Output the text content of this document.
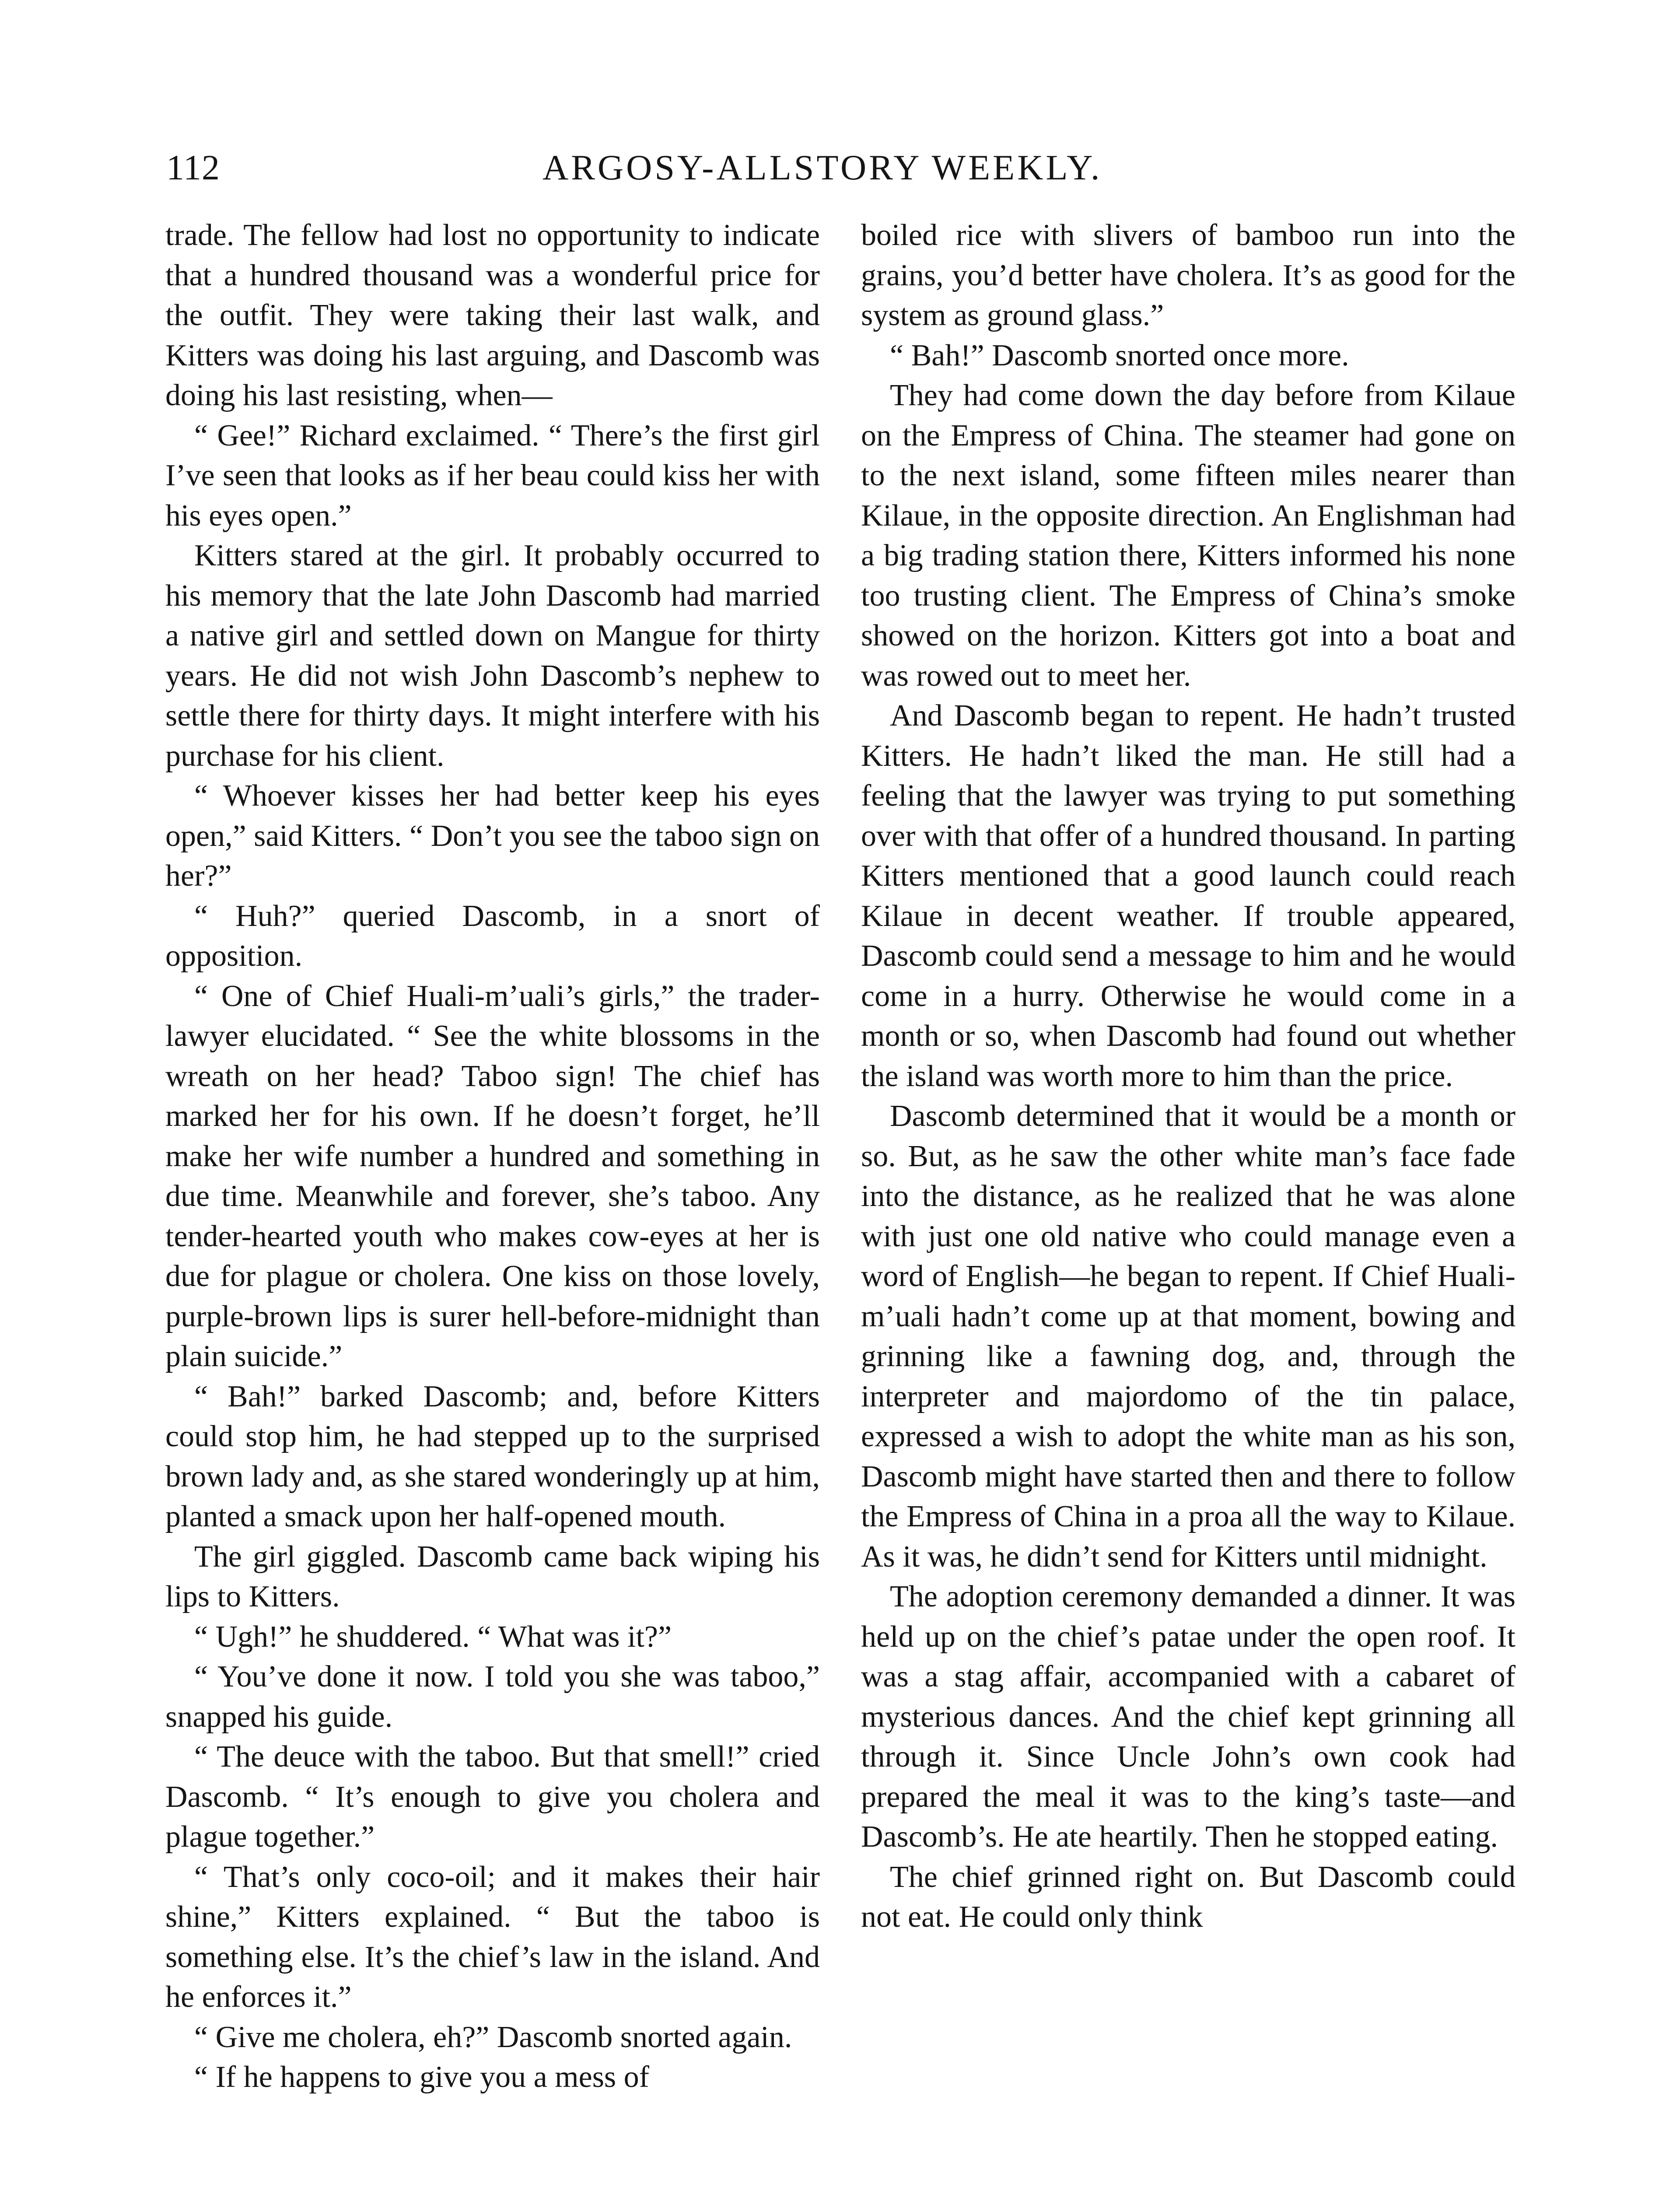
112	ARGOSY-ALLSTORY WEEKLY.

trade. The fellow had lost no opportunity to indicate that a hundred thousand was a wonderful price for the outfit. They were taking their last walk, and Kitters was doing his last arguing, and Dascomb was doing his last resisting, when—

“ Gee!” Richard exclaimed. “ There’s the first girl I’ve seen that looks as if her beau could kiss her with his eyes open.”

Kitters stared at the girl. It probably occurred to his memory that the late John Dascomb had married a native girl and settled down on Mangue for thirty years. He did not wish John Dascomb’s nephew to settle there for thirty days. It might interfere with his purchase for his client.

“ Whoever kisses her had better keep his eyes open,” said Kitters. “ Don’t you see the taboo sign on her?”

“ Huh?” queried Dascomb, in a snort of opposition.

“ One of Chief Huali-m’uali’s girls,” the trader-lawyer elucidated. “ See the white blossoms in the wreath on her head? Taboo sign! The chief has marked her for his own. If he doesn’t forget, he’ll make her wife number a hundred and something in due time. Meanwhile and forever, she’s taboo. Any tender-hearted youth who makes cow-eyes at her is due for plague or cholera. One kiss on those lovely, purple-brown lips is surer hell-before-midnight than plain suicide.”

“ Bah!” barked Dascomb; and, before Kitters could stop him, he had stepped up to the surprised brown lady and, as she stared wonderingly up at him, planted a smack upon her half-opened mouth.

The girl giggled. Dascomb came back wiping his lips to Kitters.

“ Ugh!” he shuddered. “ What was it?”

“ You’ve done it now. I told you she was taboo,” snapped his guide.

“ The deuce with the taboo. But that smell!” cried Dascomb. “ It’s enough to give you cholera and plague together.”

“ That’s only coco-oil; and it makes their hair shine,” Kitters explained. “ But the taboo is something else. It’s the chief’s law in the island. And he enforces it.”

“ Give me cholera, eh?” Dascomb snorted again.

“ If he happens to give you a mess of

boiled rice with slivers of bamboo run into the grains, you’d better have cholera. It’s as good for the system as ground glass.”

“ Bah!” Dascomb snorted once more.

They had come down the day before from Kilaue on the Empress of China. The steamer had gone on to the next island, some fifteen miles nearer than Kilaue, in the opposite direction. An Englishman had a big trading station there, Kitters informed his none too trusting client. The Empress of China’s smoke showed on the horizon. Kitters got into a boat and was rowed out to meet her.

And Dascomb began to repent. He hadn’t trusted Kitters. He hadn’t liked the man. He still had a feeling that the lawyer was trying to put something over with that offer of a hundred thousand. In parting Kitters mentioned that a good launch could reach Kilaue in decent weather. If trouble appeared, Dascomb could send a message to him and he would come in a hurry. Otherwise he would come in a month or so, when Dascomb had found out whether the island was worth more to him than the price.

Dascomb determined that it would be a month or so. But, as he saw the other white man’s face fade into the distance, as he realized that he was alone with just one old native who could manage even a word of English—he began to repent. If Chief Huali-m’uali hadn’t come up at that moment, bowing and grinning like a fawning dog, and, through the interpreter and majordomo of the tin palace, expressed a wish to adopt the white man as his son, Dascomb might have started then and there to follow the Empress of China in a proa all the way to Kilaue. As it was, he didn’t send for Kitters until midnight.

The adoption ceremony demanded a dinner. It was held up on the chief’s patae under the open roof. It was a stag affair, accompanied with a cabaret of mysterious dances. And the chief kept grinning all through it. Since Uncle John’s own cook had prepared the meal it was to the king’s taste—and Dascomb’s. He ate heartily. Then he stopped eating.

The chief grinned right on. But Dascomb could not eat. He could only think
